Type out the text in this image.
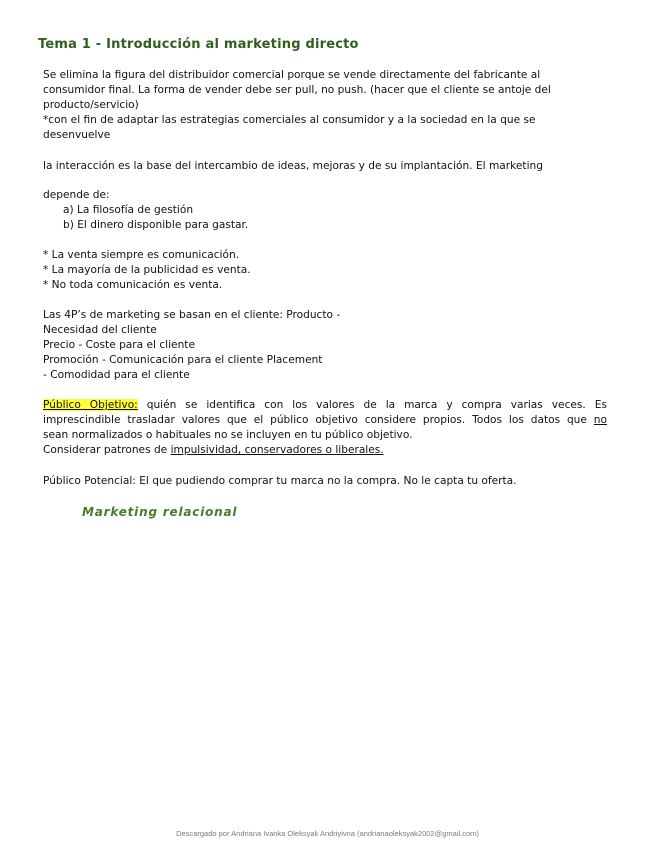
Tema 1 - Introducción al marketing directo
Se elimina la figura del distribuidor comercial porque se vende directamente del fabricante al
consumidor final. La forma de vender debe ser pull, no push. (hacer que el cliente se antoje del
producto/servicio)
*con el fin de adaptar las estrategias comerciales al consumidor y a la sociedad en la que se
desenvuelve
la interacción es la base del intercambio de ideas, mejoras y de su implantación. El marketing
depende de:
a) La filosofía de gestión
b) El dinero disponible para gastar.
* La venta siempre es comunicación.
* La mayoría de la publicidad es venta.
* No toda comunicación es venta.
Las 4P’s de marketing se basan en el cliente: Producto -
Necesidad del cliente
Precio - Coste para el cliente
Promoción - Comunicación para el cliente Placement
- Comodidad para el cliente
Público Objetivo: quién se identifica con los valores de la marca y compra varias veces. Es
imprescindible trasladar valores que el público objetivo considere propios. Todos los datos que no
sean normalizados o habituales no se incluyen en tu público objetivo.
Considerar patrones de impulsividad, conservadores o liberales.
Público Potencial: El que pudiendo comprar tu marca no la compra. No le capta tu oferta.
Marketing relacional
Descargado por Andriana Ivanka Oleksyak Andriyivna (andrianaoleksyak2002@gmail.com)
